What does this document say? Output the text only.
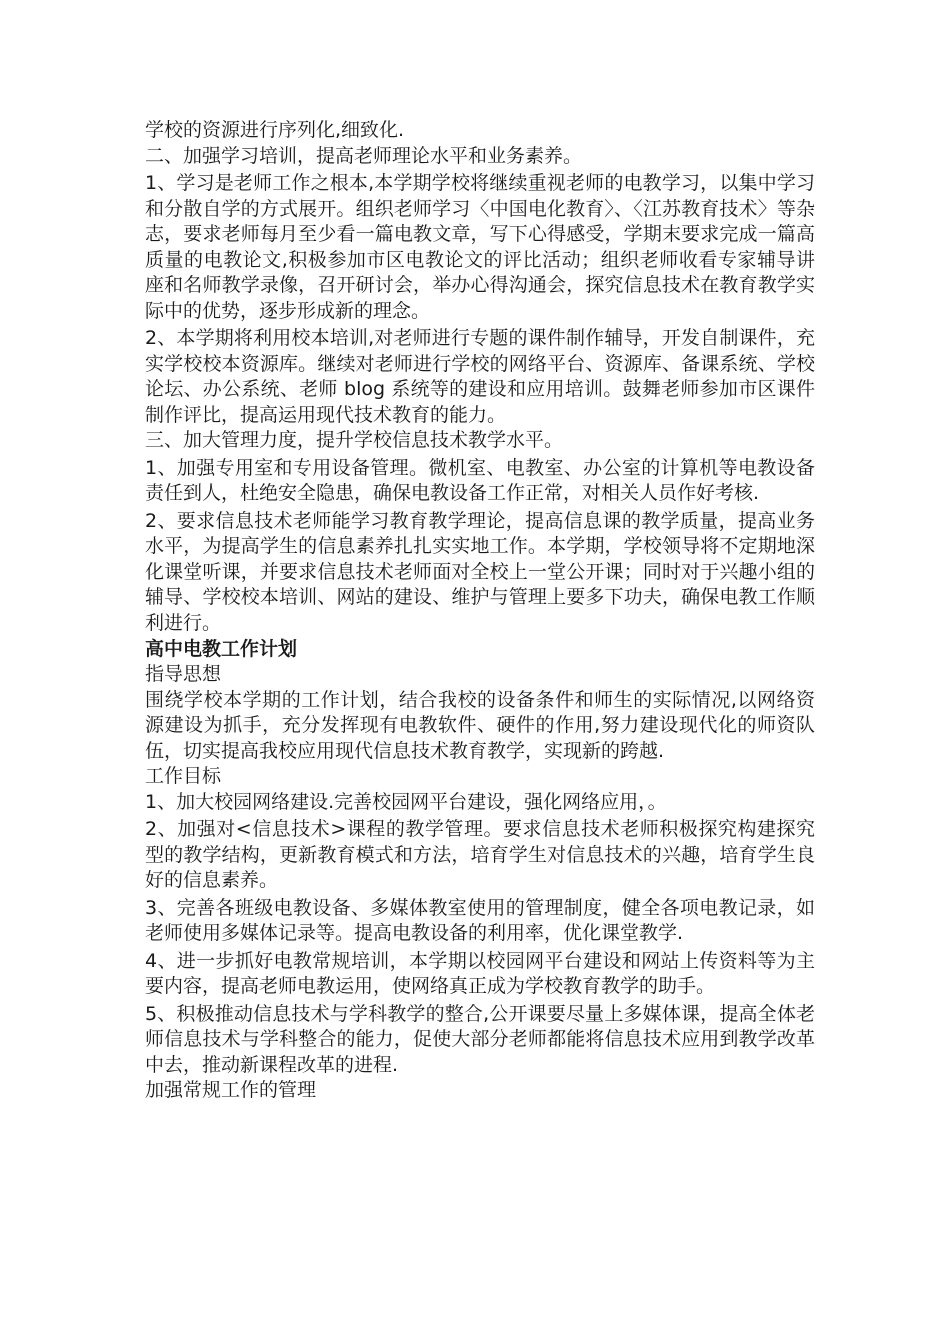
学校的资源进行序列化,细致化.

二、加强学习培训，提高老师理论水平和业务素养。

1、学习是老师工作之根本,本学期学校将继续重视老师的电教学习，以集中学习和分散自学的方式展开。组织老师学习〈中国电化教育〉、〈江苏教育技术〉等杂志，要求老师每月至少看一篇电教文章，写下心得感受，学期末要求完成一篇高质量的电教论文,积极参加市区电教论文的评比活动；组织老师收看专家辅导讲座和名师教学录像，召开研讨会，举办心得沟通会，探究信息技术在教育教学实际中的优势，逐步形成新的理念。

2、本学期将利用校本培训,对老师进行专题的课件制作辅导，开发自制课件，充实学校校本资源库。继续对老师进行学校的网络平台、资源库、备课系统、学校论坛、办公系统、老师 blog 系统等的建设和应用培训。鼓舞老师参加市区课件制作评比，提高运用现代技术教育的能力。

三、加大管理力度，提升学校信息技术教学水平。

1、加强专用室和专用设备管理。微机室、电教室、办公室的计算机等电教设备责任到人，杜绝安全隐患，确保电教设备工作正常，对相关人员作好考核.

2、要求信息技术老师能学习教育教学理论，提高信息课的教学质量，提高业务水平，为提高学生的信息素养扎扎实实地工作。本学期，学校领导将不定期地深化课堂听课，并要求信息技术老师面对全校上一堂公开课；同时对于兴趣小组的辅导、学校校本培训、网站的建设、维护与管理上要多下功夫，确保电教工作顺利进行。

高中电教工作计划

指导思想

围绕学校本学期的工作计划，结合我校的设备条件和师生的实际情况,以网络资源建设为抓手，充分发挥现有电教软件、硬件的作用,努力建设现代化的师资队伍，切实提高我校应用现代信息技术教育教学，实现新的跨越.

工作目标

1、加大校园网络建设.完善校园网平台建设，强化网络应用，。

2、加强对<信息技术>课程的教学管理。要求信息技术老师积极探究构建探究型的教学结构，更新教育模式和方法，培育学生对信息技术的兴趣，培育学生良好的信息素养。

3、完善各班级电教设备、多媒体教室使用的管理制度，健全各项电教记录，如老师使用多媒体记录等。提高电教设备的利用率，优化课堂教学.

4、进一步抓好电教常规培训，本学期以校园网平台建设和网站上传资料等为主要内容，提高老师电教运用，使网络真正成为学校教育教学的助手。

5、积极推动信息技术与学科教学的整合,公开课要尽量上多媒体课，提高全体老师信息技术与学科整合的能力，促使大部分老师都能将信息技术应用到教学改革中去，推动新课程改革的进程.

加强常规工作的管理
